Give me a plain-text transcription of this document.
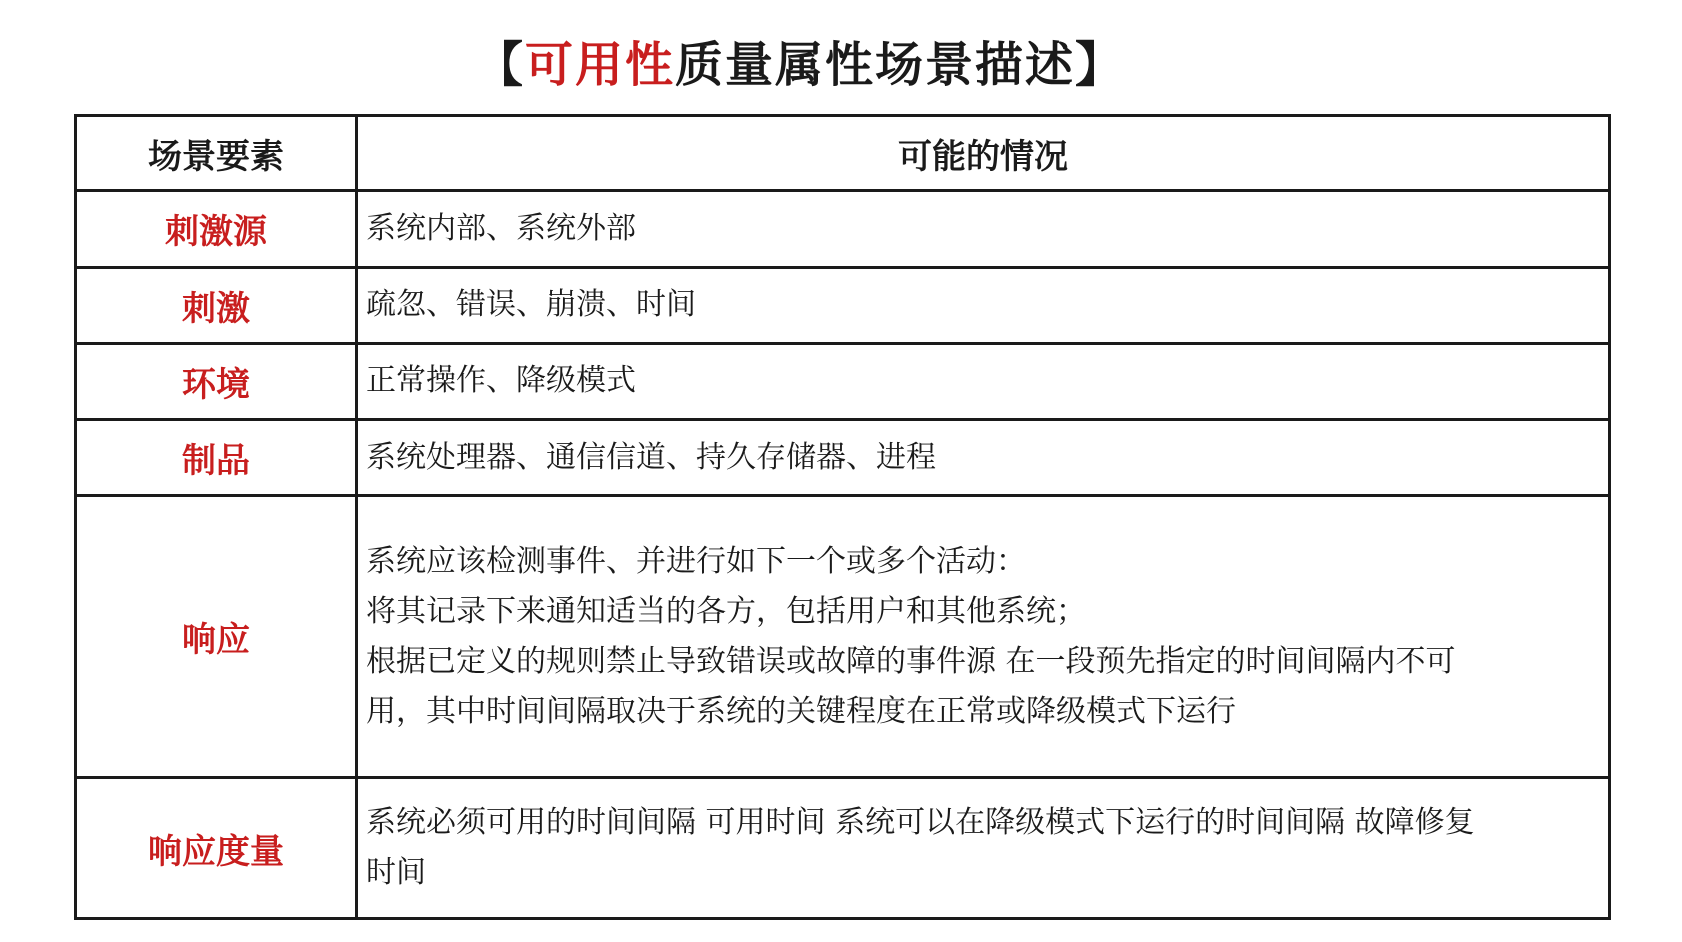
【可用性质量属性场景描述】
场景要素	可能的情况
刺激源	系统内部、系统外部

刺激	疏忽、错误、崩溃、时间

环境	正常操作、降级模式

制品	系统处理器、通信信道、持久存储器、进程

响应	系统应该检测事件、并进行如下一个或多个活动：
将其记录下来通知适当的各方，包括用户和其他系统；
根据已定义的规则禁止导致错误或故障的事件源 在一段预先指定的时间间隔内不可
用，其中时间间隔取决于系统的关键程度在正常或降级模式下运行

响应度量	系统必须可用的时间间隔 可用时间 系统可以在降级模式下运行的时间间隔 故障修复
时间
